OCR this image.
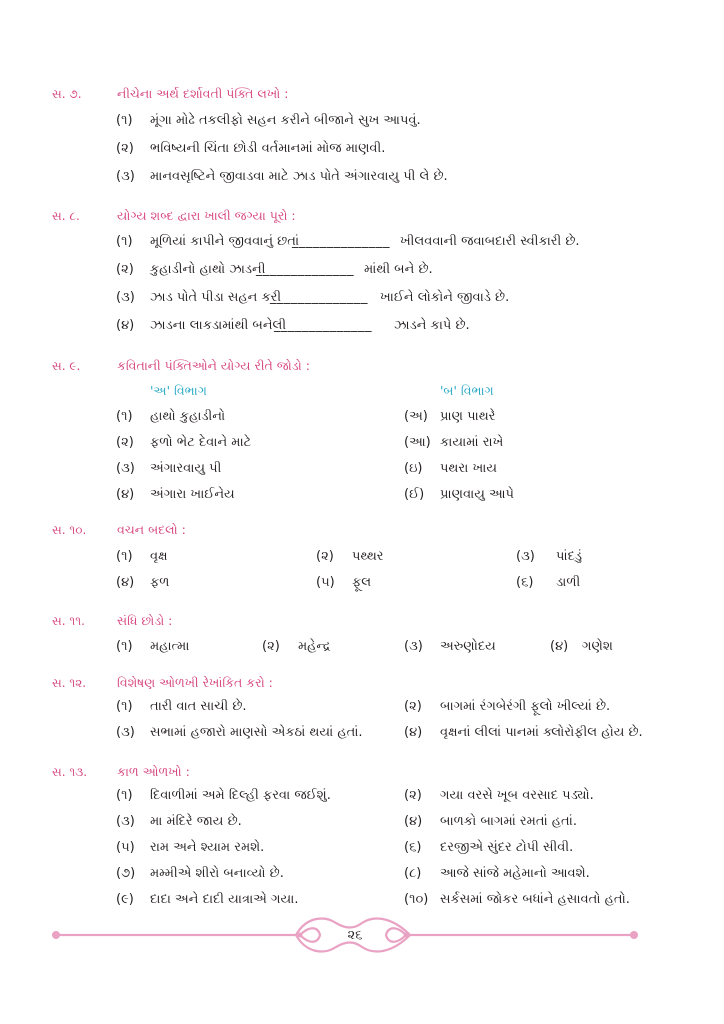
સ. ૭.	નીચેના અર્થ દર્શાવતી પંક્તિ લખો :
(૧) મૂંગા મોઢે તકલીફો સહન કરીને બીજાને સુખ આપવું.
(૨) ભવિષ્યની ચિંતા છોડી વર્તમાનમાં મોજ માણવી.
(૩) માનવસૃષ્ટિને જીવાડવા માટે ઝાડ પોતે અંગારવાયુ પી લે છે.
સ. ૮.	યોગ્ય શબ્દ દ્વારા ખાલી જગ્યા પૂરો :
(૧) મૂળિયાં કાપીને જીવવાનું છતાં
______________ ખીલવવાની જવાબદારી સ્વીકારી છે.
(૨) કુહાડીનો હાથો ઝાડની
______________ માંથી બને છે.
(૩) ઝાડ પોતે પીડા સહન કરી
______________ ખાઈને લોકોને જીવાડે છે.
(૪) ઝાડના લાકડામાંથી બનેલી
______________ ઝાડને કાપે છે.
સ. ૯.	કવિતાની પંક્તિઓને યોગ્ય રીતે જોડો :
'અ' વિભાગ	'બ' વિભાગ
(૧) હાથો કુહાડીનો	(અ) પ્રાણ પાથરે
(૨) ફળો ભેટ દેવાને માટે	(આ) કાયામાં રાખે
(૩) અંગારવાયુ પી	(ઇ) પથરા ખાય
(૪) અંગારા ખાઈનેય	(ઈ) પ્રાણવાયુ આપે
સ. ૧૦. વચન બદલો :
(૧) વૃક્ષ	(૨) પથ્થર	(૩) પાંદડું
(૪) ફળ	(૫) ફૂલ	(૬) ડાળી
સ. ૧૧.	સંધિ છોડો :
(૧) મહાત્મા	(૨) મહેન્દ્ર	(૩) અરુણોદય	(૪) ગણેશ
સ. ૧૨. વિશેષણ ઓળખી રેખાંકિત કરો :
(૧) તારી વાત સાચી છે.	(૨) બાગમાં રંગબેરંગી ફૂલો ખીલ્યાં છે.
(૩) સભામાં હજારો માણસો એકઠાં થયાં હતાં.	(૪) વૃક્ષનાં લીલાં પાનમાં ક્લોરોફીલ હોય છે.
સ. ૧૩. કાળ ઓળખો :
(૧) દિવાળીમાં અમે દિલ્હી ફરવા જઈશું.	(૨) ગયા વરસે ખૂબ વરસાદ પડ્યો.
(૩) મા મંદિરે જાય છે.	(૪) બાળકો બાગમાં રમતાં હતાં.
(૫) રામ અને શ્યામ રમશે.	(૬) દરજીએ સુંદર ટોપી સીવી.
(૭) મમ્મીએ શીરો બનાવ્યો છે.	(૮) આજે સાંજે મહેમાનો આવશે.
(૯) દાદા અને દાદી યાત્રાએ ગયા.	(૧૦) સર્કસમાં જોકર બધાંને હસાવતો હતો.
૨૬
